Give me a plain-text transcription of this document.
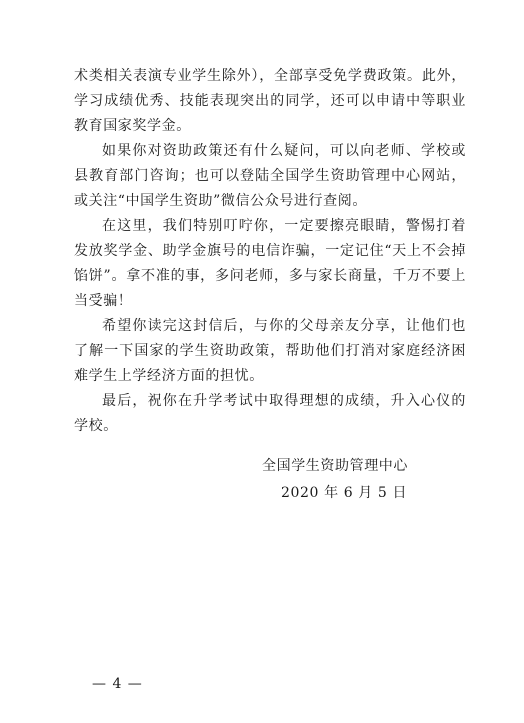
术类相关表演专业学生除外），全部享受免学费政策。此外，学习成绩优秀、技能表现突出的同学，还可以申请中等职业教育国家奖学金。

如果你对资助政策还有什么疑问，可以向老师、学校或县教育部门咨询；也可以登陆全国学生资助管理中心网站，或关注“中国学生资助”微信公众号进行查阅。

在这里，我们特别叮咛你，一定要擦亮眼睛，警惕打着发放奖学金、助学金旗号的电信诈骗，一定记住“天上不会掉馅饼”。拿不准的事，多问老师，多与家长商量，千万不要上当受骗！

希望你读完这封信后，与你的父母亲友分享，让他们也了解一下国家的学生资助政策，帮助他们打消对家庭经济困难学生上学经济方面的担忧。

最后，祝你在升学考试中取得理想的成绩，升入心仪的学校。

全国学生资助管理中心
2020 年 6 月 5 日
— 4 —
